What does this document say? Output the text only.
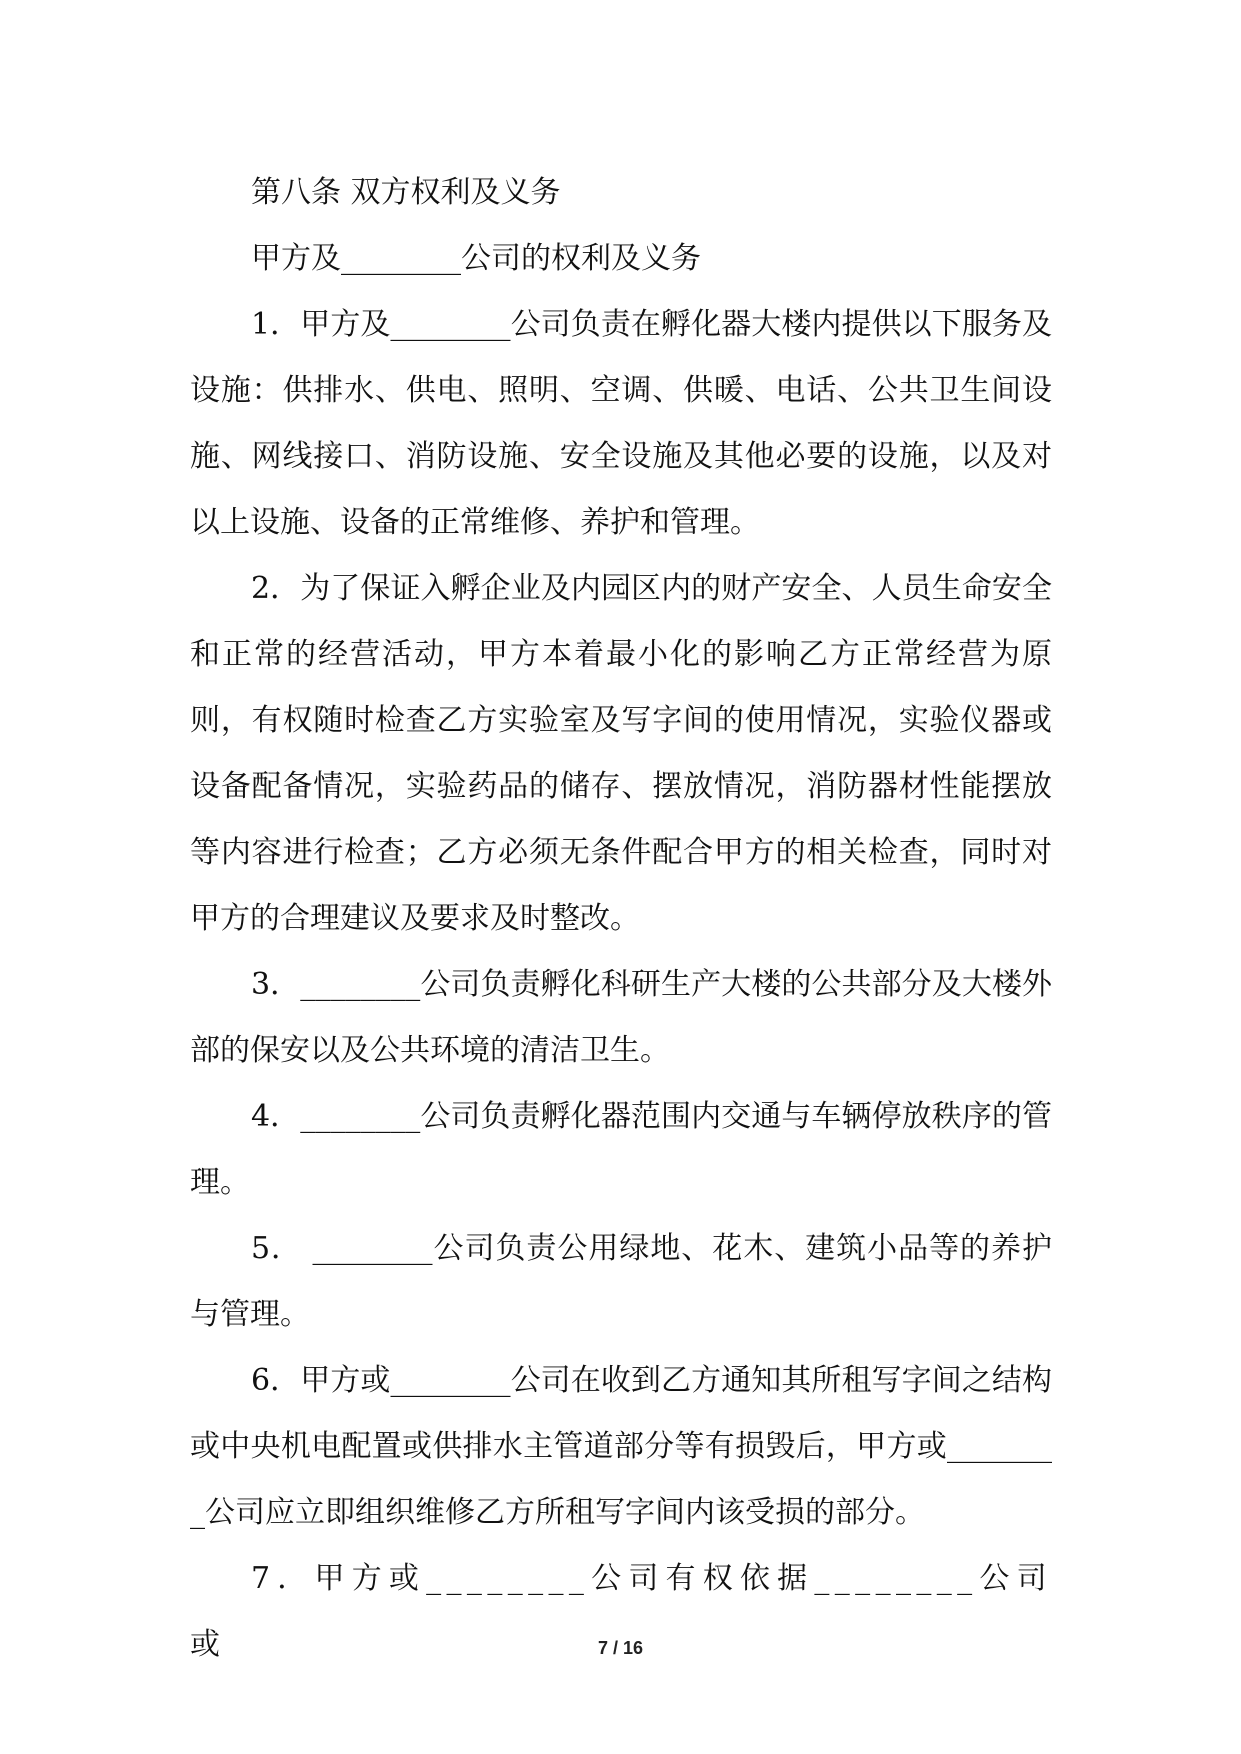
第八条 双方权利及义务

甲方及________公司的权利及义务

1．甲方及________公司负责在孵化器大楼内提供以下服务及设施：供排水、供电、照明、空调、供暖、电话、公共卫生间设施、网线接口、消防设施、安全设施及其他必要的设施，以及对以上设施、设备的正常维修、养护和管理。

2．为了保证入孵企业及内园区内的财产安全、人员生命安全和正常的经营活动，甲方本着最小化的影响乙方正常经营为原则，有权随时检查乙方实验室及写字间的使用情况，实验仪器或设备配备情况，实验药品的储存、摆放情况，消防器材性能摆放等内容进行检查；乙方必须无条件配合甲方的相关检查，同时对甲方的合理建议及要求及时整改。

3．________公司负责孵化科研生产大楼的公共部分及大楼外部的保安以及公共环境的清洁卫生。

4．________公司负责孵化器范围内交通与车辆停放秩序的管理。

5． ________公司负责公用绿地、花木、建筑小品等的养护与管理。

6．甲方或________公司在收到乙方通知其所租写字间之结构或中央机电配置或供排水主管道部分等有损毁后，甲方或________公司应立即组织维修乙方所租写字间内该受损的部分。

7．甲方或________公司有权依据________公司或	7 / 16
